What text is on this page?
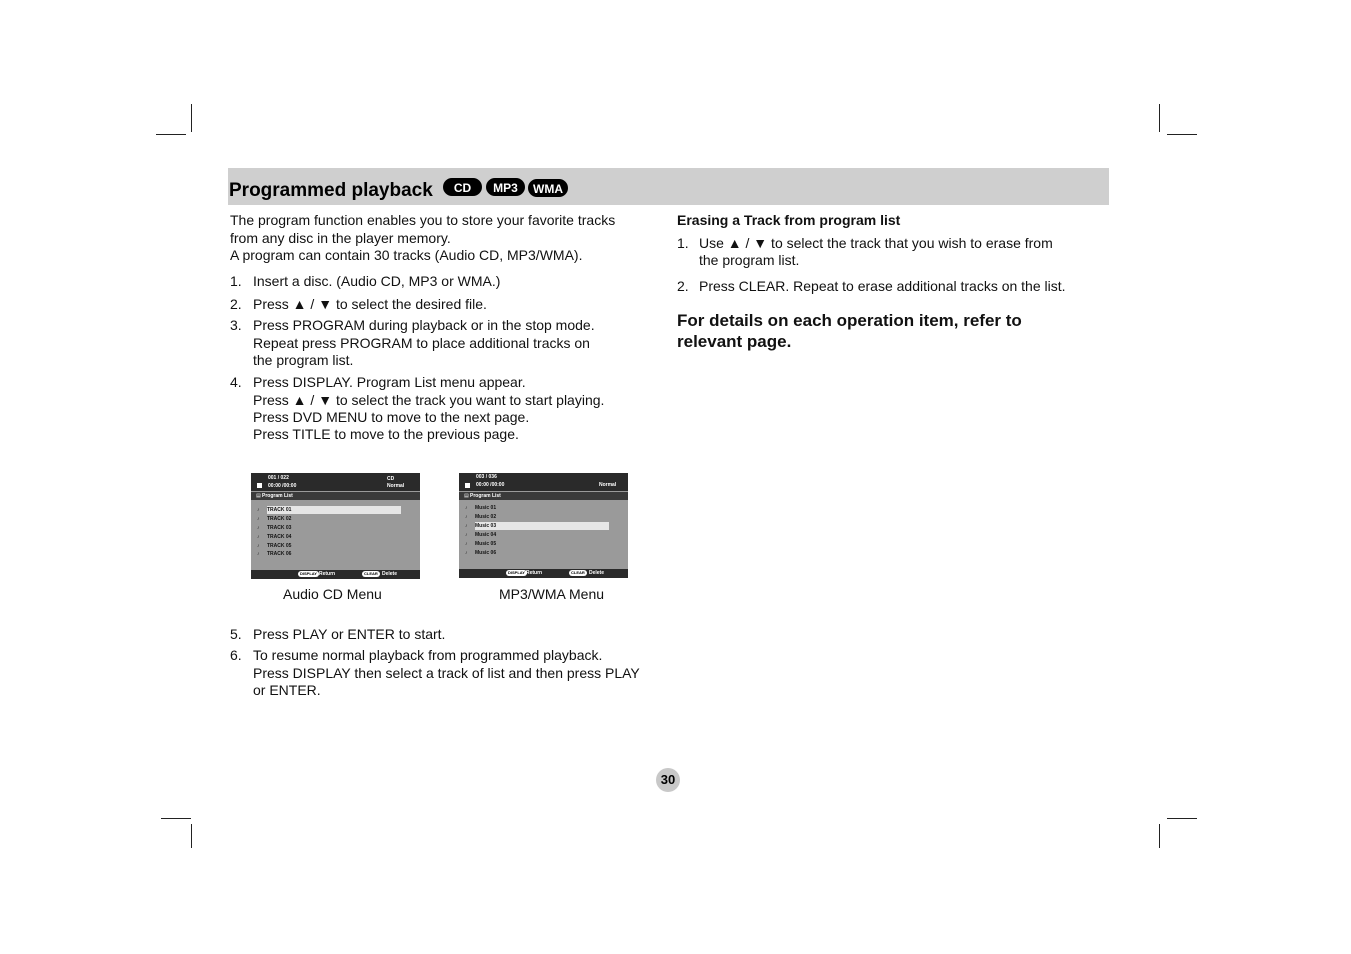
Programmed playback	CD	MP3	WMA
The program function enables you to store your favorite tracks
from any disc in the player memory.
A program can contain 30 tracks (Audio CD, MP3/WMA).
1. Insert a disc. (Audio CD, MP3 or WMA.)
2. Press ▲ / ▼ to select the desired file.
3. Press PROGRAM during playback or in the stop mode.
Repeat press PROGRAM to place additional tracks on
the program list.
4. Press DISPLAY. Program List menu appear.
Press ▲ / ▼ to select the track you want to start playing.
Press DVD MENU to move to the next page.
Press TITLE to move to the previous page.
001 / 022
00:00 /00:00
CD
Normal
▤ Program List
♪	TRACK 01
♪	TRACK 02
♪	TRACK 03
♪	TRACK 04
♪	TRACK 05
♪	TRACK 06
DISPLAY Return	CLEAR Delete
Audio CD Menu
003 / 036
00:00 /00:00	Normal
▤ Program List
♪	Music 01
♪	Music 02
♪	Music 03
♪	Music 04
♪	Music 05
♪	Music 06
DISPLAY Return	CLEAR Delete
MP3/WMA Menu
5. Press PLAY or ENTER to start.
6. To resume normal playback from programmed playback.
Press DISPLAY then select a track of list and then press PLAY
or ENTER.
Erasing a Track from program list
1. Use ▲ / ▼ to select the track that you wish to erase from
the program list.
2. Press CLEAR. Repeat to erase additional tracks on the list.
For details on each operation item, refer to
relevant page.
30
